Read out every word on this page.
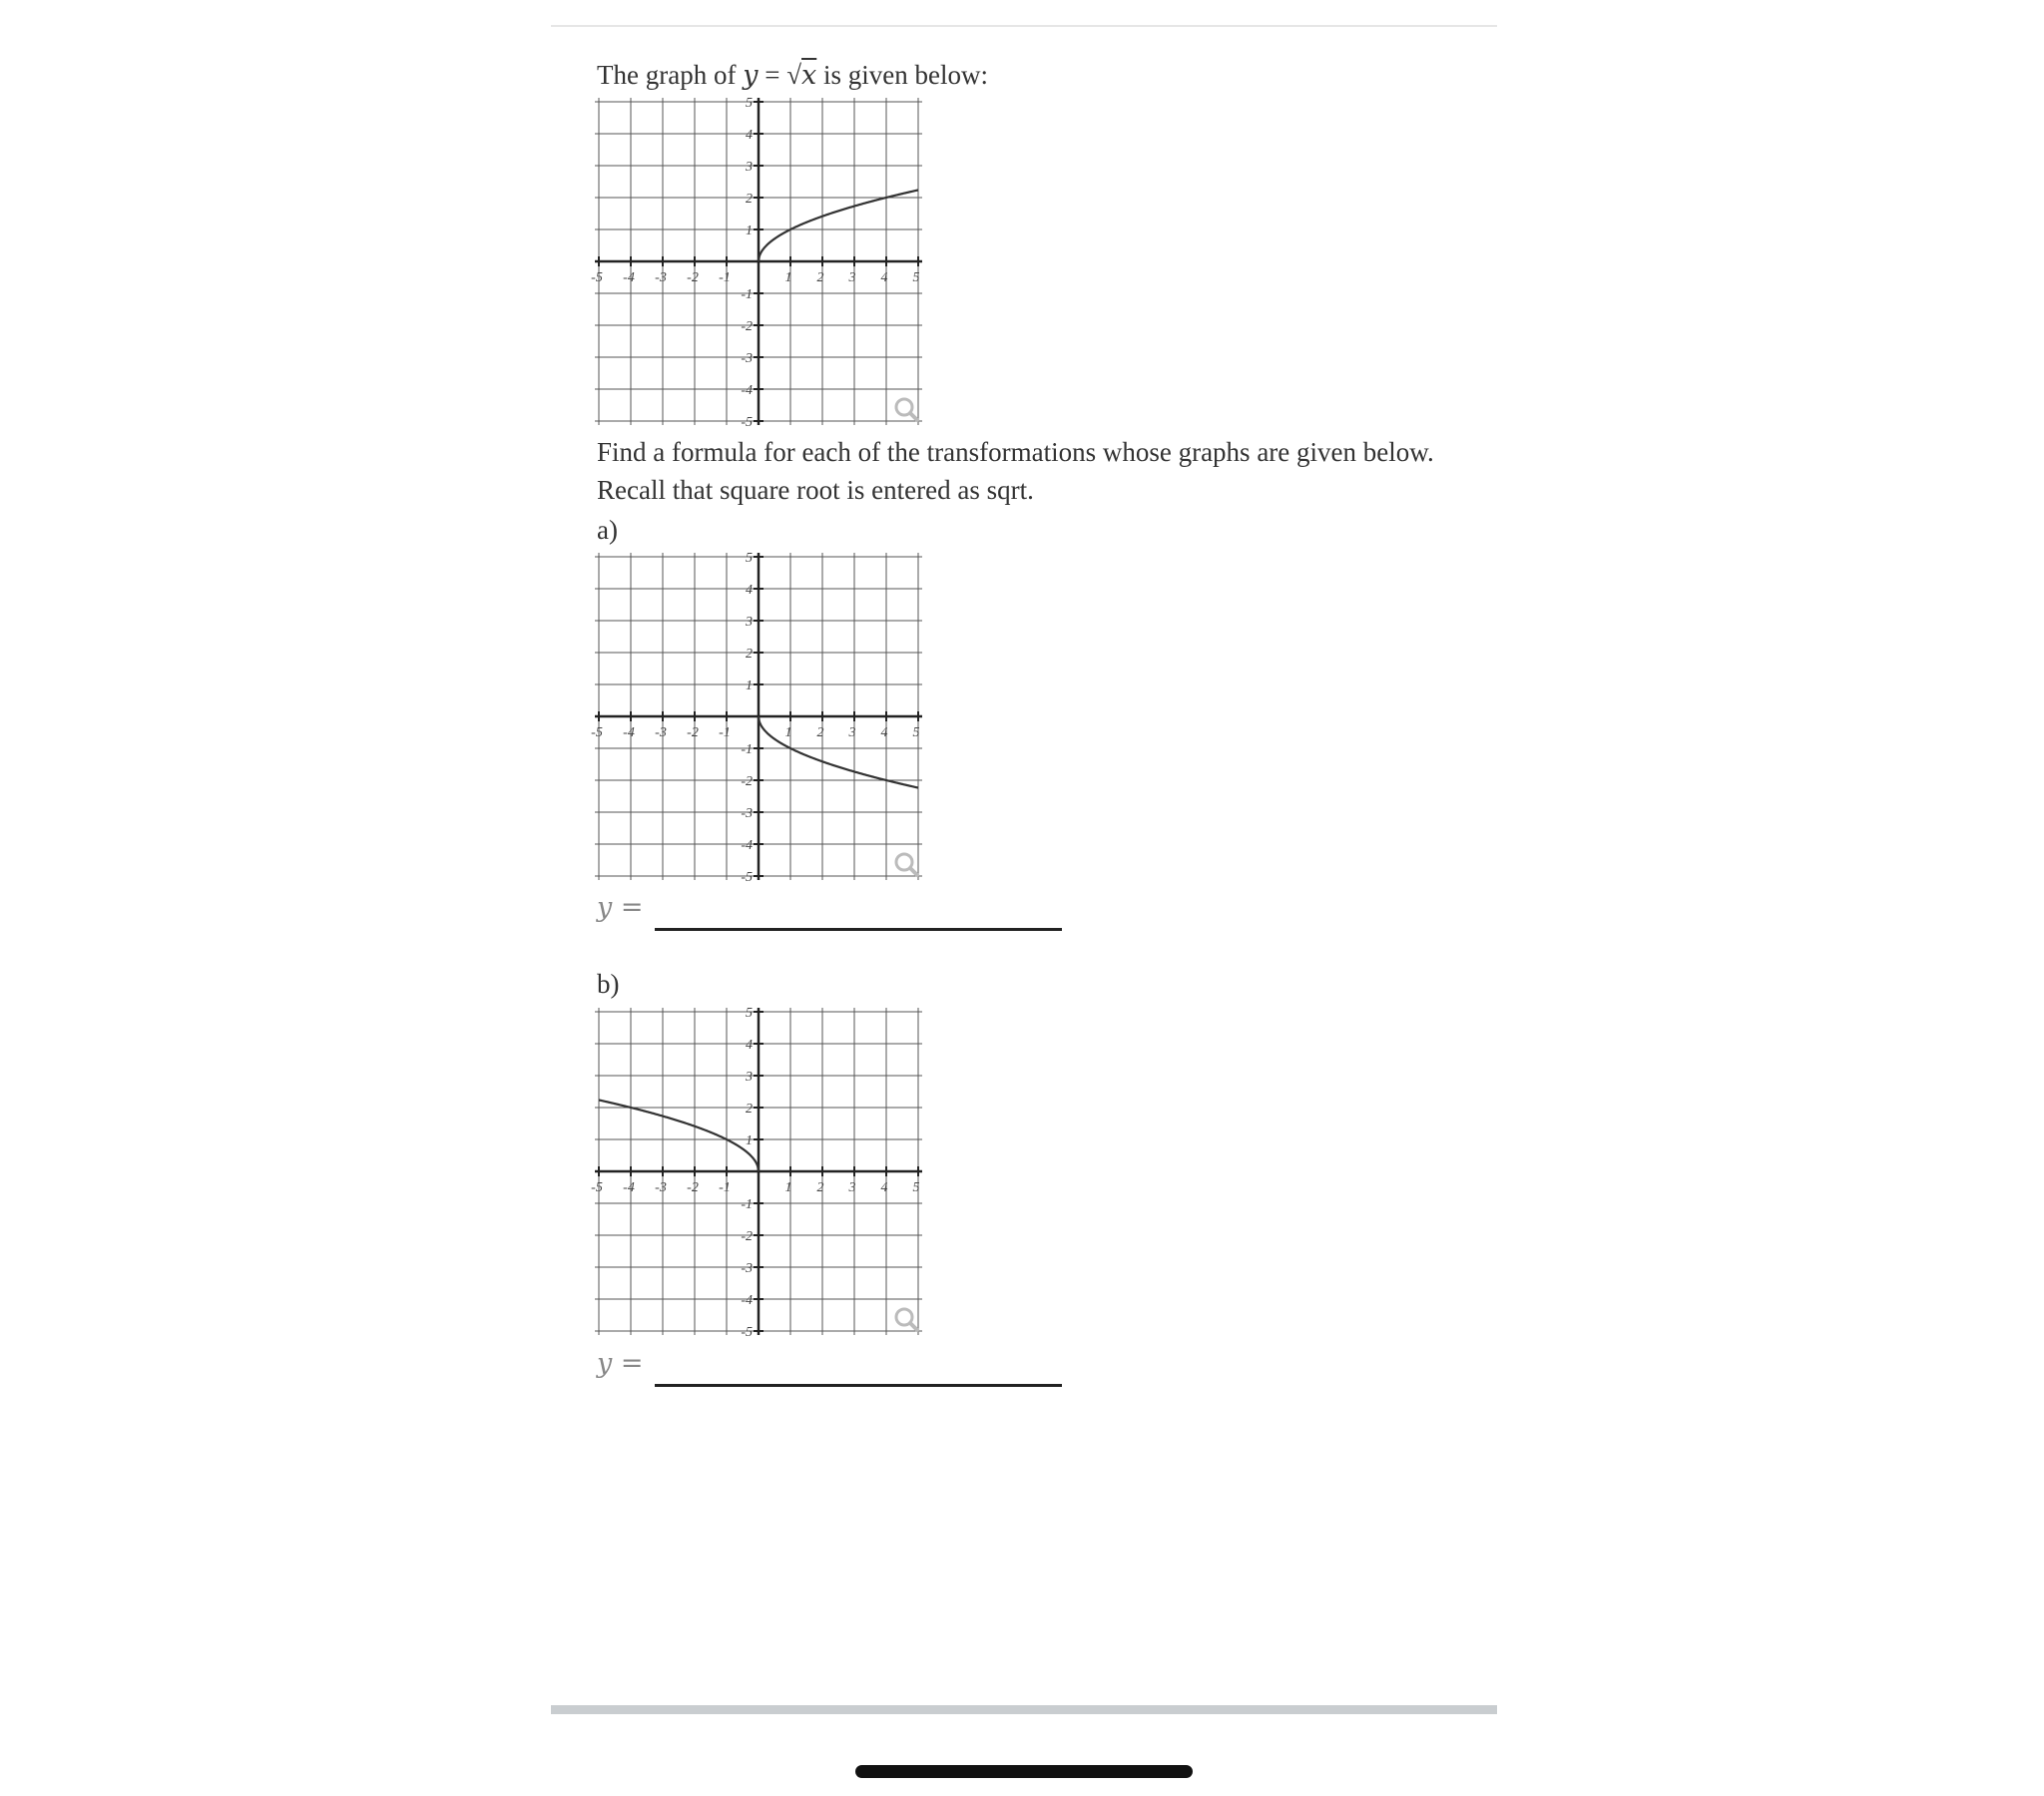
The graph of y = √x is given below:
-5 -4 -3 -2 -1	1 2 3 4 5
5
4
3
2
1
-1
-2
-3
-4
-5
Find a formula for each of the transformations whose graphs are given below.
Recall that square root is entered as sqrt.
a)
-5 -4 -3 -2 -1	1 2 3 4 5
5
4
3
2
1
-1
-2
-3
-4
-5
y =
b)
-5 -4 -3 -2 -1	1 2 3 4 5
5
4
3
2
1
-1
-2
-3
-4
-5
y =
